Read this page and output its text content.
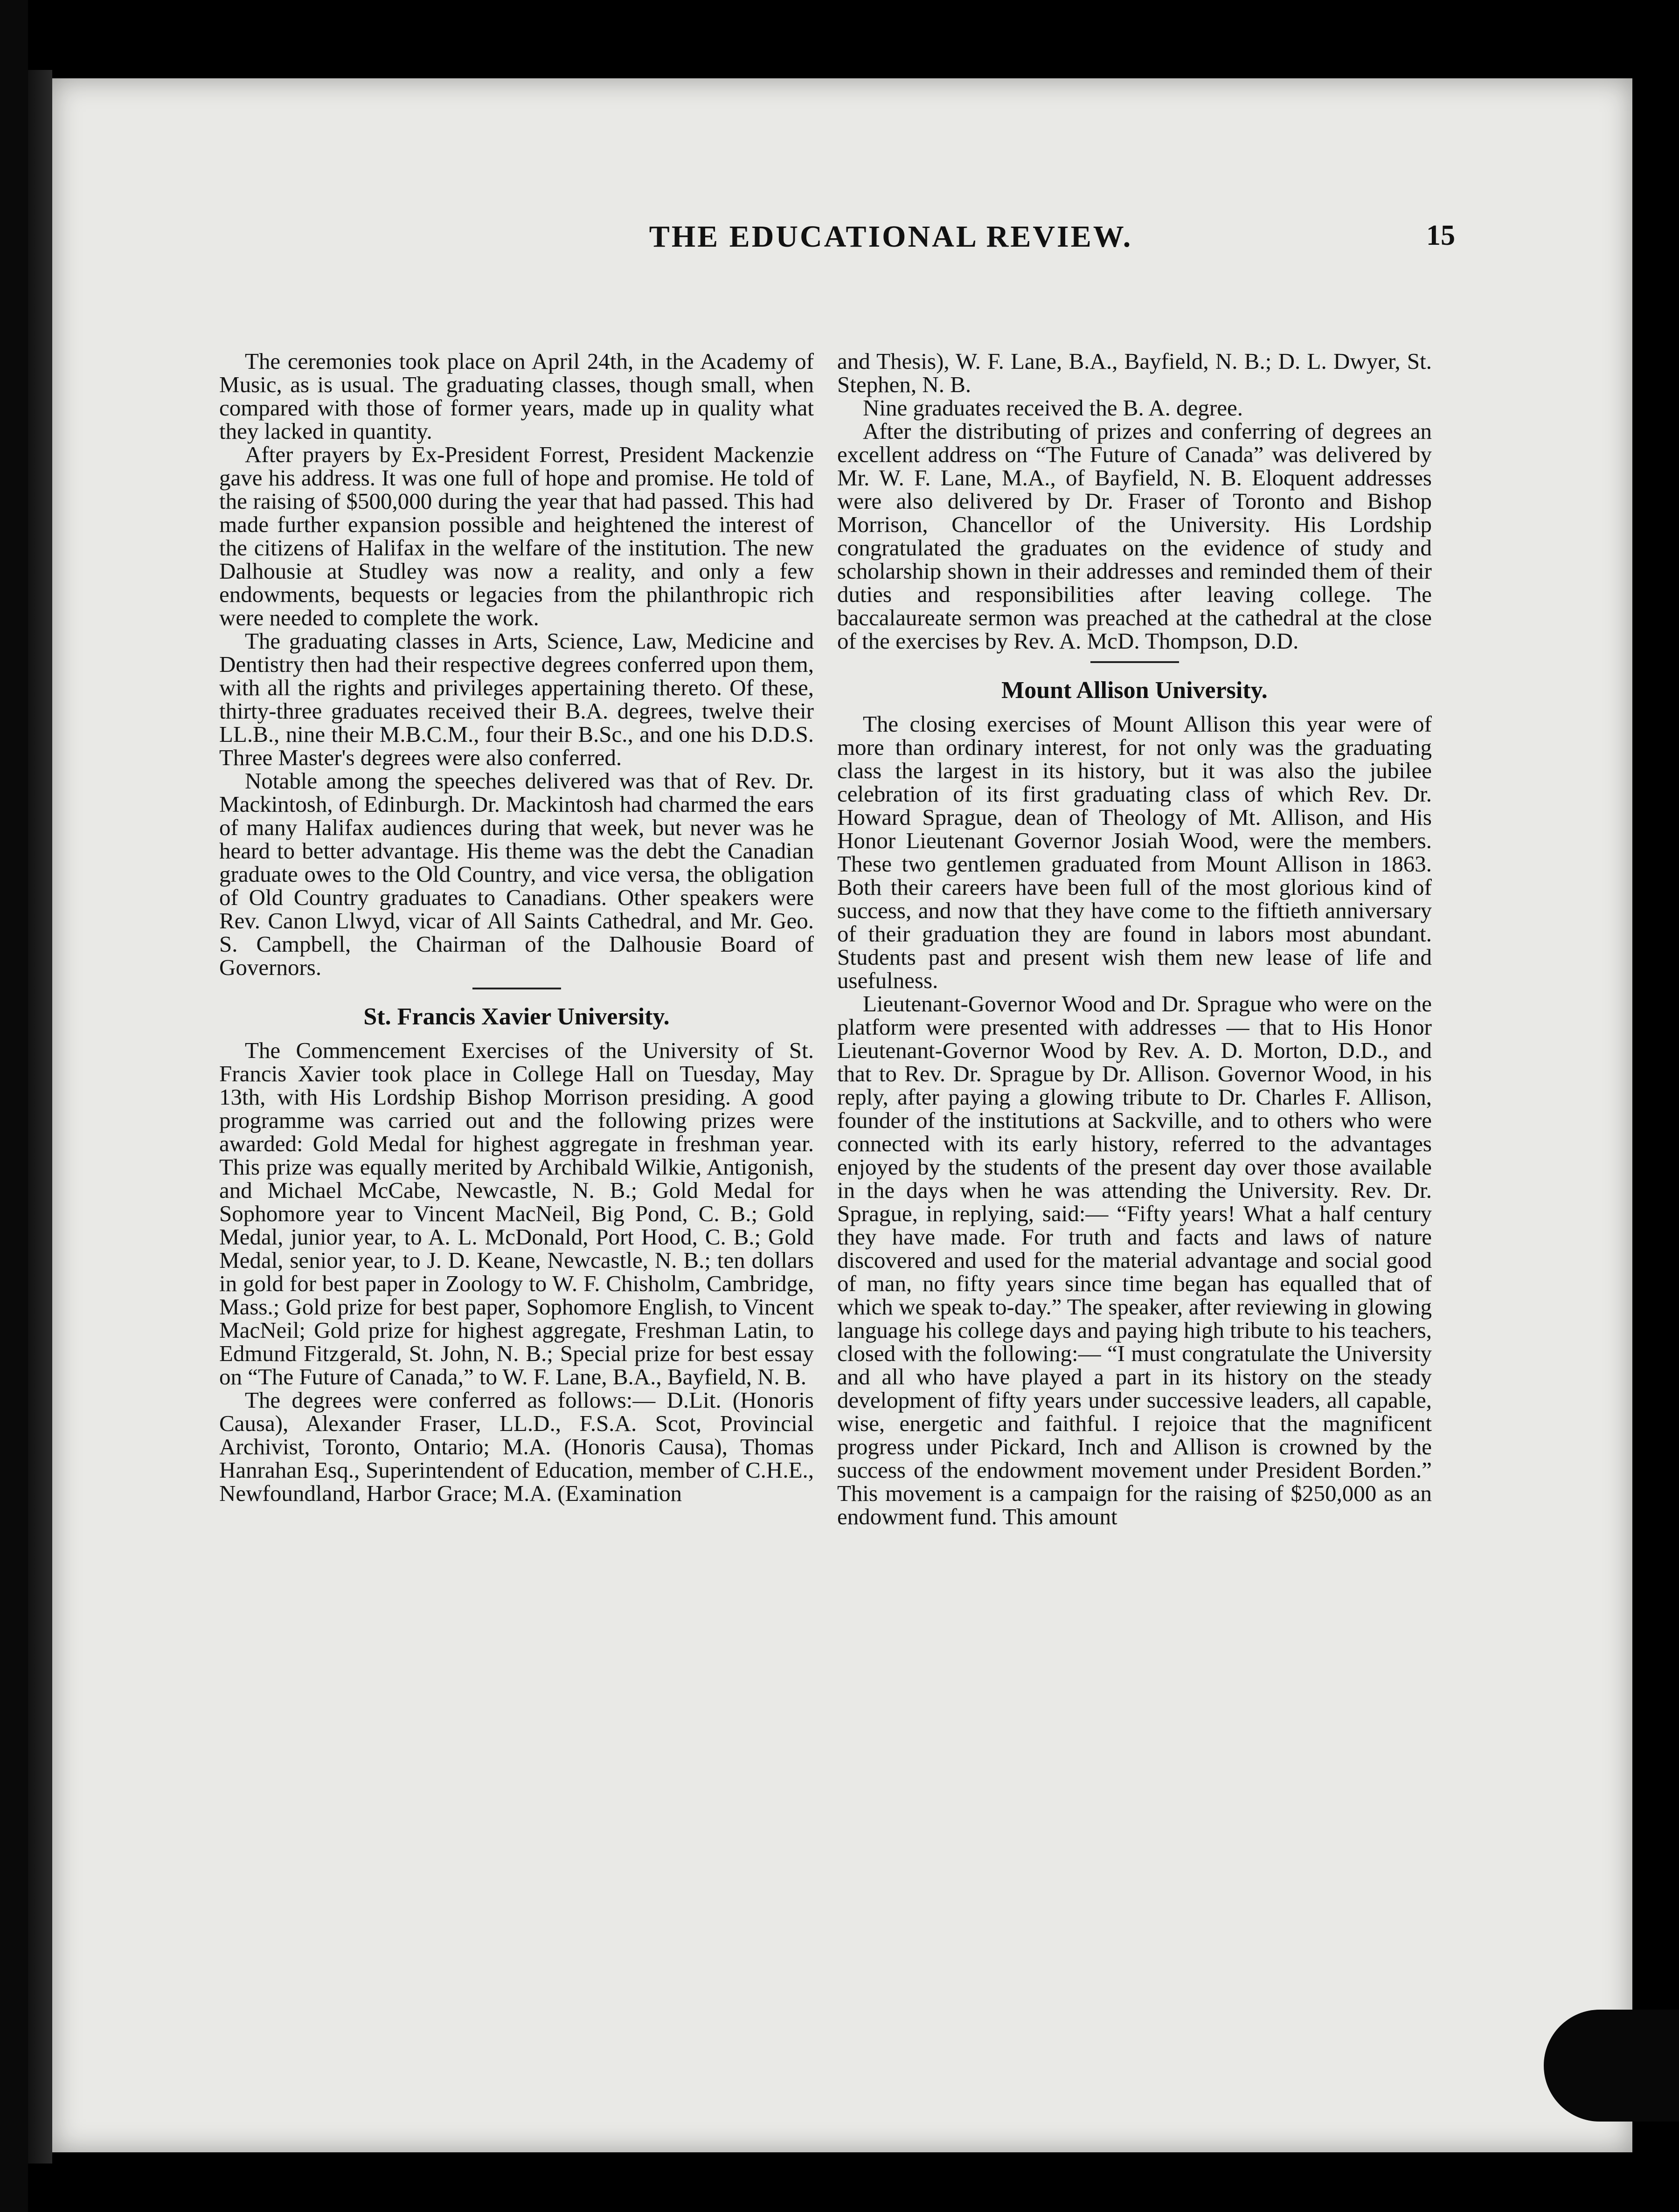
THE EDUCATIONAL REVIEW.	15

The ceremonies took place on April 24th, in the Academy of Music, as is usual. The graduating classes, though small, when compared with those of former years, made up in quality what they lacked in quantity.

After prayers by Ex-President Forrest, President Mackenzie gave his address. It was one full of hope and promise. He told of the raising of $500,000 during the year that had passed. This had made further expansion possible and heightened the interest of the citizens of Halifax in the welfare of the institution. The new Dalhousie at Studley was now a reality, and only a few endowments, bequests or legacies from the philanthropic rich were needed to complete the work.

The graduating classes in Arts, Science, Law, Medicine and Dentistry then had their respective degrees conferred upon them, with all the rights and privileges appertaining thereto. Of these, thirty-three graduates received their B.A. degrees, twelve their LL.B., nine their M.B.C.M., four their B.Sc., and one his D.D.S. Three Master's degrees were also conferred.

Notable among the speeches delivered was that of Rev. Dr. Mackintosh, of Edinburgh. Dr. Mackintosh had charmed the ears of many Halifax audiences during that week, but never was he heard to better advantage. His theme was the debt the Canadian graduate owes to the Old Country, and vice versa, the obligation of Old Country graduates to Canadians. Other speakers were Rev. Canon Llwyd, vicar of All Saints Cathedral, and Mr. Geo. S. Campbell, the Chairman of the Dalhousie Board of Governors.

St. Francis Xavier University.

The Commencement Exercises of the University of St. Francis Xavier took place in College Hall on Tuesday, May 13th, with His Lordship Bishop Morrison presiding. A good programme was carried out and the following prizes were awarded: Gold Medal for highest aggregate in freshman year. This prize was equally merited by Archibald Wilkie, Antigonish, and Michael McCabe, Newcastle, N. B.; Gold Medal for Sophomore year to Vincent MacNeil, Big Pond, C. B.; Gold Medal, junior year, to A. L. McDonald, Port Hood, C. B.; Gold Medal, senior year, to J. D. Keane, Newcastle, N. B.; ten dollars in gold for best paper in Zoology to W. F. Chisholm, Cambridge, Mass.; Gold prize for best paper, Sophomore English, to Vincent MacNeil; Gold prize for highest aggregate, Freshman Latin, to Edmund Fitzgerald, St. John, N. B.; Special prize for best essay on “The Future of Canada,” to W. F. Lane, B.A., Bayfield, N. B.

The degrees were conferred as follows:— D.Lit. (Honoris Causa), Alexander Fraser, LL.D., F.S.A. Scot, Provincial Archivist, Toronto, Ontario; M.A. (Honoris Causa), Thomas Hanrahan Esq., Superintendent of Education, member of C.H.E., Newfoundland, Harbor Grace; M.A. (Examination

and Thesis), W. F. Lane, B.A., Bayfield, N. B.; D. L. Dwyer, St. Stephen, N. B.

Nine graduates received the B. A. degree.

After the distributing of prizes and conferring of degrees an excellent address on “The Future of Canada” was delivered by Mr. W. F. Lane, M.A., of Bayfield, N. B. Eloquent addresses were also delivered by Dr. Fraser of Toronto and Bishop Morrison, Chancellor of the University. His Lordship congratulated the graduates on the evidence of study and scholarship shown in their addresses and reminded them of their duties and responsibilities after leaving college. The baccalaureate sermon was preached at the cathedral at the close of the exercises by Rev. A. McD. Thompson, D.D.

Mount Allison University.

The closing exercises of Mount Allison this year were of more than ordinary interest, for not only was the graduating class the largest in its history, but it was also the jubilee celebration of its first graduating class of which Rev. Dr. Howard Sprague, dean of Theology of Mt. Allison, and His Honor Lieutenant Governor Josiah Wood, were the members. These two gentlemen graduated from Mount Allison in 1863. Both their careers have been full of the most glorious kind of success, and now that they have come to the fiftieth anniversary of their graduation they are found in labors most abundant. Students past and present wish them new lease of life and usefulness.

Lieutenant-Governor Wood and Dr. Sprague who were on the platform were presented with addresses — that to His Honor Lieutenant-Governor Wood by Rev. A. D. Morton, D.D., and that to Rev. Dr. Sprague by Dr. Allison. Governor Wood, in his reply, after paying a glowing tribute to Dr. Charles F. Allison, founder of the institutions at Sackville, and to others who were connected with its early history, referred to the advantages enjoyed by the students of the present day over those available in the days when he was attending the University. Rev. Dr. Sprague, in replying, said:— “Fifty years! What a half century they have made. For truth and facts and laws of nature discovered and used for the material advantage and social good of man, no fifty years since time began has equalled that of which we speak to-day.” The speaker, after reviewing in glowing language his college days and paying high tribute to his teachers, closed with the following:— “I must congratulate the University and all who have played a part in its history on the steady development of fifty years under successive leaders, all capable, wise, energetic and faithful. I rejoice that the magnificent progress under Pickard, Inch and Allison is crowned by the success of the endowment movement under President Borden.” This movement is a campaign for the raising of $250,000 as an endowment fund. This amount
